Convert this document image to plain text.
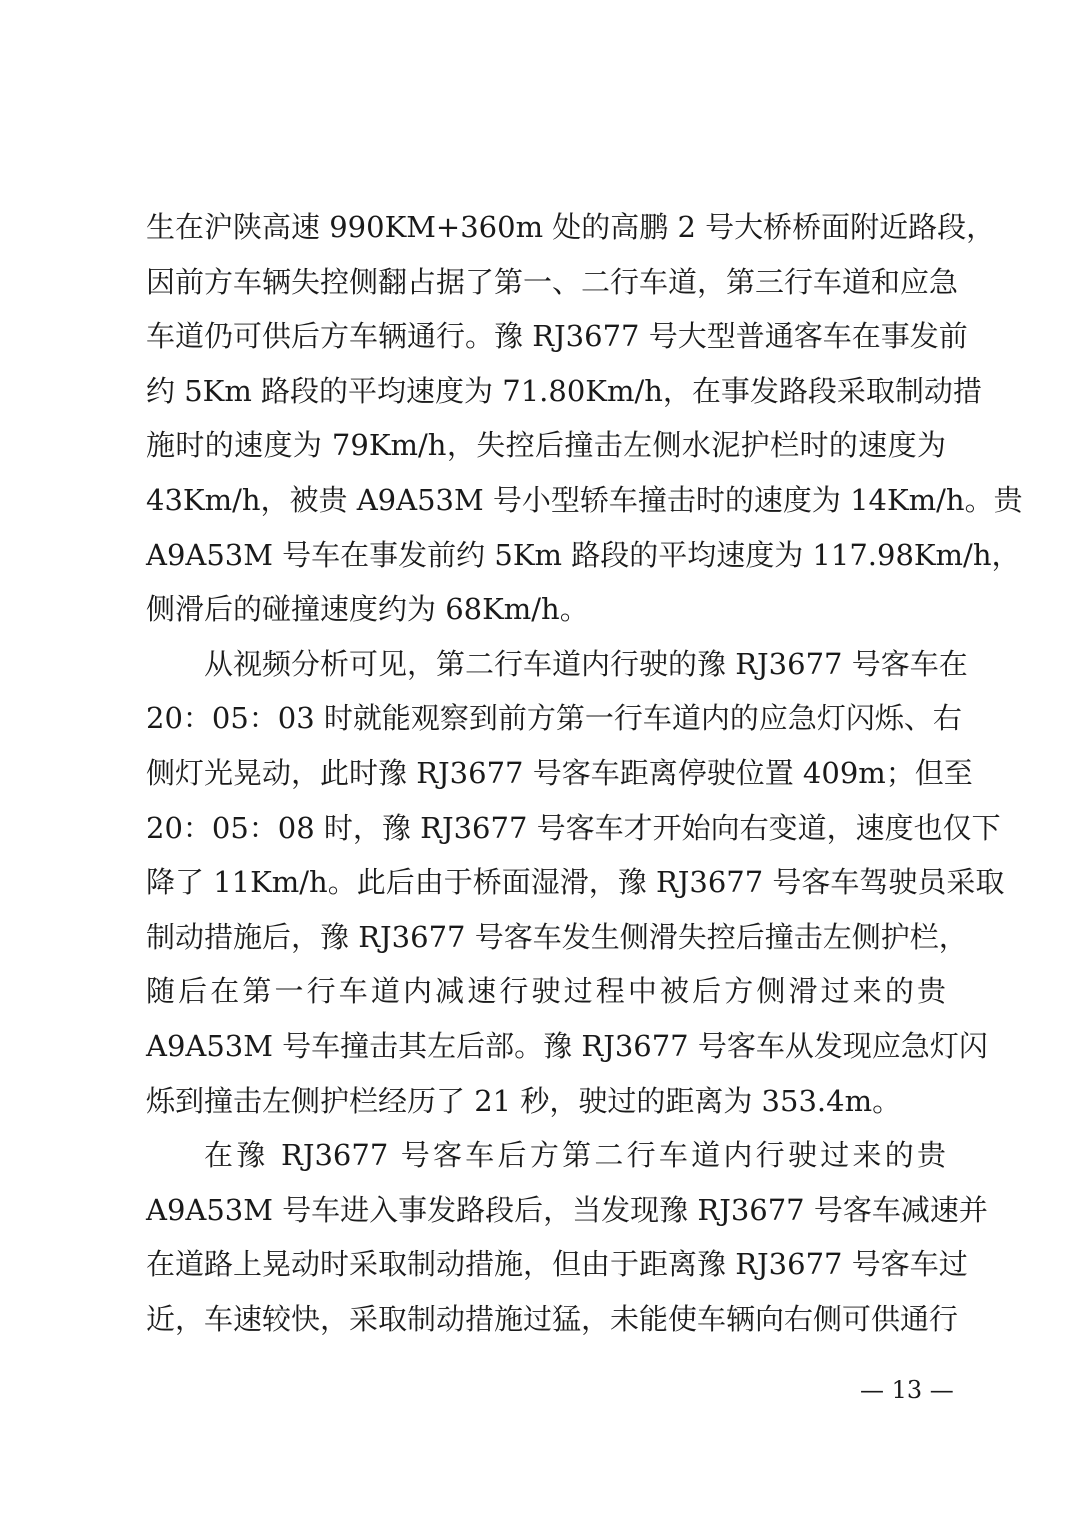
生在沪陕高速 990KM+360m 处的高鹏 2 号大桥桥面附近路段，
因前方车辆失控侧翻占据了第一、二行车道，第三行车道和应急
车道仍可供后方车辆通行。豫 RJ3677 号大型普通客车在事发前
约 5Km 路段的平均速度为 71.80Km/h，在事发路段采取制动措
施时的速度为 79Km/h，失控后撞击左侧水泥护栏时的速度为
43Km/h，被贵 A9A53M 号小型轿车撞击时的速度为 14Km/h。贵
A9A53M 号车在事发前约 5Km 路段的平均速度为 117.98Km/h，
侧滑后的碰撞速度约为 68Km/h。
从视频分析可见，第二行车道内行驶的豫 RJ3677 号客车在
20：05：03 时就能观察到前方第一行车道内的应急灯闪烁、右
侧灯光晃动，此时豫 RJ3677 号客车距离停驶位置 409m；但至
20：05：08 时，豫 RJ3677 号客车才开始向右变道，速度也仅下
降了 11Km/h。此后由于桥面湿滑，豫 RJ3677 号客车驾驶员采取
制动措施后，豫 RJ3677 号客车发生侧滑失控后撞击左侧护栏，
随后在第一行车道内减速行驶过程中被后方侧滑过来的贵
A9A53M 号车撞击其左后部。豫 RJ3677 号客车从发现应急灯闪
烁到撞击左侧护栏经历了 21 秒，驶过的距离为 353.4m。
在豫 RJ3677 号客车后方第二行车道内行驶过来的贵
A9A53M 号车进入事发路段后，当发现豫 RJ3677 号客车减速并
在道路上晃动时采取制动措施，但由于距离豫 RJ3677 号客车过
近，车速较快，采取制动措施过猛，未能使车辆向右侧可供通行
— 13 —
